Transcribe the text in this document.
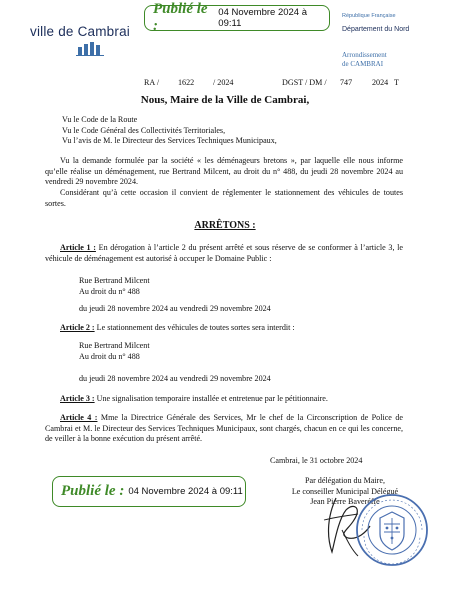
Publié le :
04 Novembre 2024 à 09:11
ville de Cambrai
République Française
Département du Nord
Arrondissement
de CAMBRAI
RA / 1622 / 2024	DGST / DM / 747 2024 T
Nous, Maire de la Ville de Cambrai,
Vu le Code de la Route
Vu le Code Général des Collectivités Territoriales,
Vu l’avis de M. le Directeur des Services Techniques Municipaux,
Vu la demande formulée par la société « les déménageurs bretons », par laquelle elle nous informe qu’elle réalise un déménagement, rue Bertrand Milcent, au droit du n° 488, du jeudi 28 novembre 2024 au vendredi 29 novembre 2024.
Considérant qu’à cette occasion il convient de réglementer le stationnement des véhicules de toutes sortes.
ARRÊTONS :
Article 1 : En dérogation à l’article 2 du présent arrêté et sous réserve de se conformer à l’article 3, le véhicule de déménagement est autorisé à occuper le Domaine Public :
Rue Bertrand Milcent
Au droit du n° 488
du jeudi 28 novembre 2024 au vendredi 29 novembre 2024
Article 2 : Le stationnement des véhicules de toutes sortes sera interdit :
Rue Bertrand Milcent
Au droit du n° 488
du jeudi 28 novembre 2024 au vendredi 29 novembre 2024
Article 3 : Une signalisation temporaire installée et entretenue par le pétitionnaire.
Article 4 : Mme la Directrice Générale des Services, Mr le chef de la Circonscription de Police de Cambrai et M. le Directeur des Services Techniques Municipaux, sont chargés, chacun en ce qui les concerne, de veiller à la bonne exécution du présent arrêté.
Cambrai, le 31 octobre 2024
Par délégation du Maire,
Le conseiller Municipal Délégué
Jean Pierre Baveréffe
Publié le : 04 Novembre 2024 à 09:11
